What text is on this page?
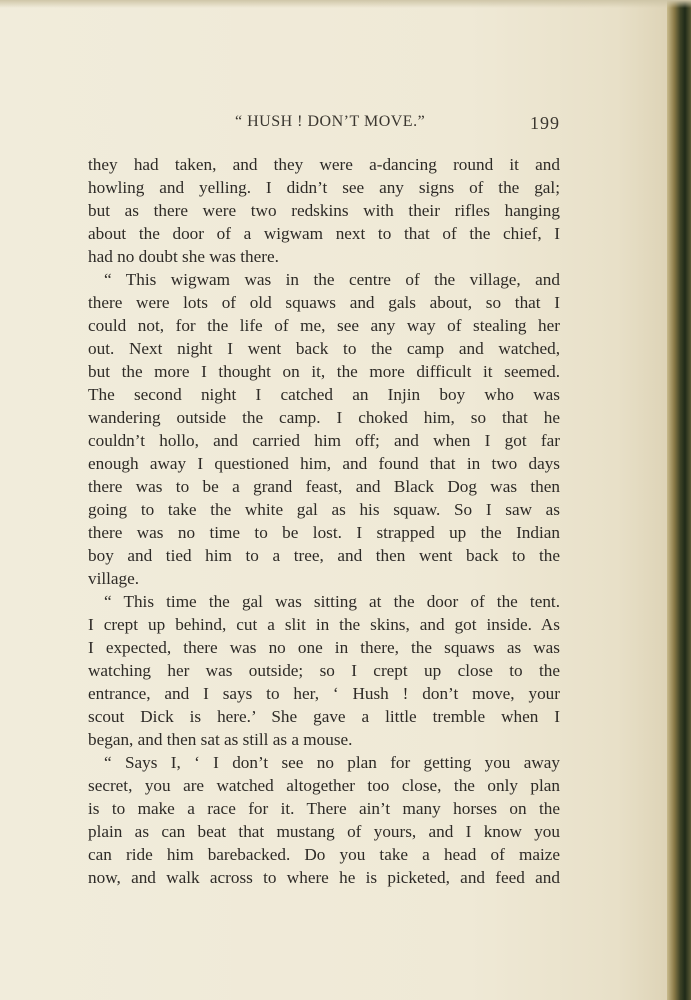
“ HUSH ! DON’T MOVE.”	199
they had taken, and they were a-dancing round it and
howling and yelling. I didn’t see any signs of the gal;
but as there were two redskins with their rifles hanging
about the door of a wigwam next to that of the chief, I
had no doubt she was there.
“ This wigwam was in the centre of the village, and
there were lots of old squaws and gals about, so that I
could not, for the life of me, see any way of stealing her
out. Next night I went back to the camp and watched,
but the more I thought on it, the more difficult it seemed.
The second night I catched an Injin boy who was
wandering outside the camp. I choked him, so that he
couldn’t hollo, and carried him off; and when I got far
enough away I questioned him, and found that in two days
there was to be a grand feast, and Black Dog was then
going to take the white gal as his squaw. So I saw as
there was no time to be lost. I strapped up the Indian
boy and tied him to a tree, and then went back to the
village.
“ This time the gal was sitting at the door of the tent.
I crept up behind, cut a slit in the skins, and got inside. As
I expected, there was no one in there, the squaws as was
watching her was outside; so I crept up close to the
entrance, and I says to her, ‘ Hush ! don’t move, your
scout Dick is here.’ She gave a little tremble when I
began, and then sat as still as a mouse.
“ Says I, ‘ I don’t see no plan for getting you away
secret, you are watched altogether too close, the only plan
is to make a race for it. There ain’t many horses on the
plain as can beat that mustang of yours, and I know you
can ride him barebacked. Do you take a head of maize
now, and walk across to where he is picketed, and feed and
